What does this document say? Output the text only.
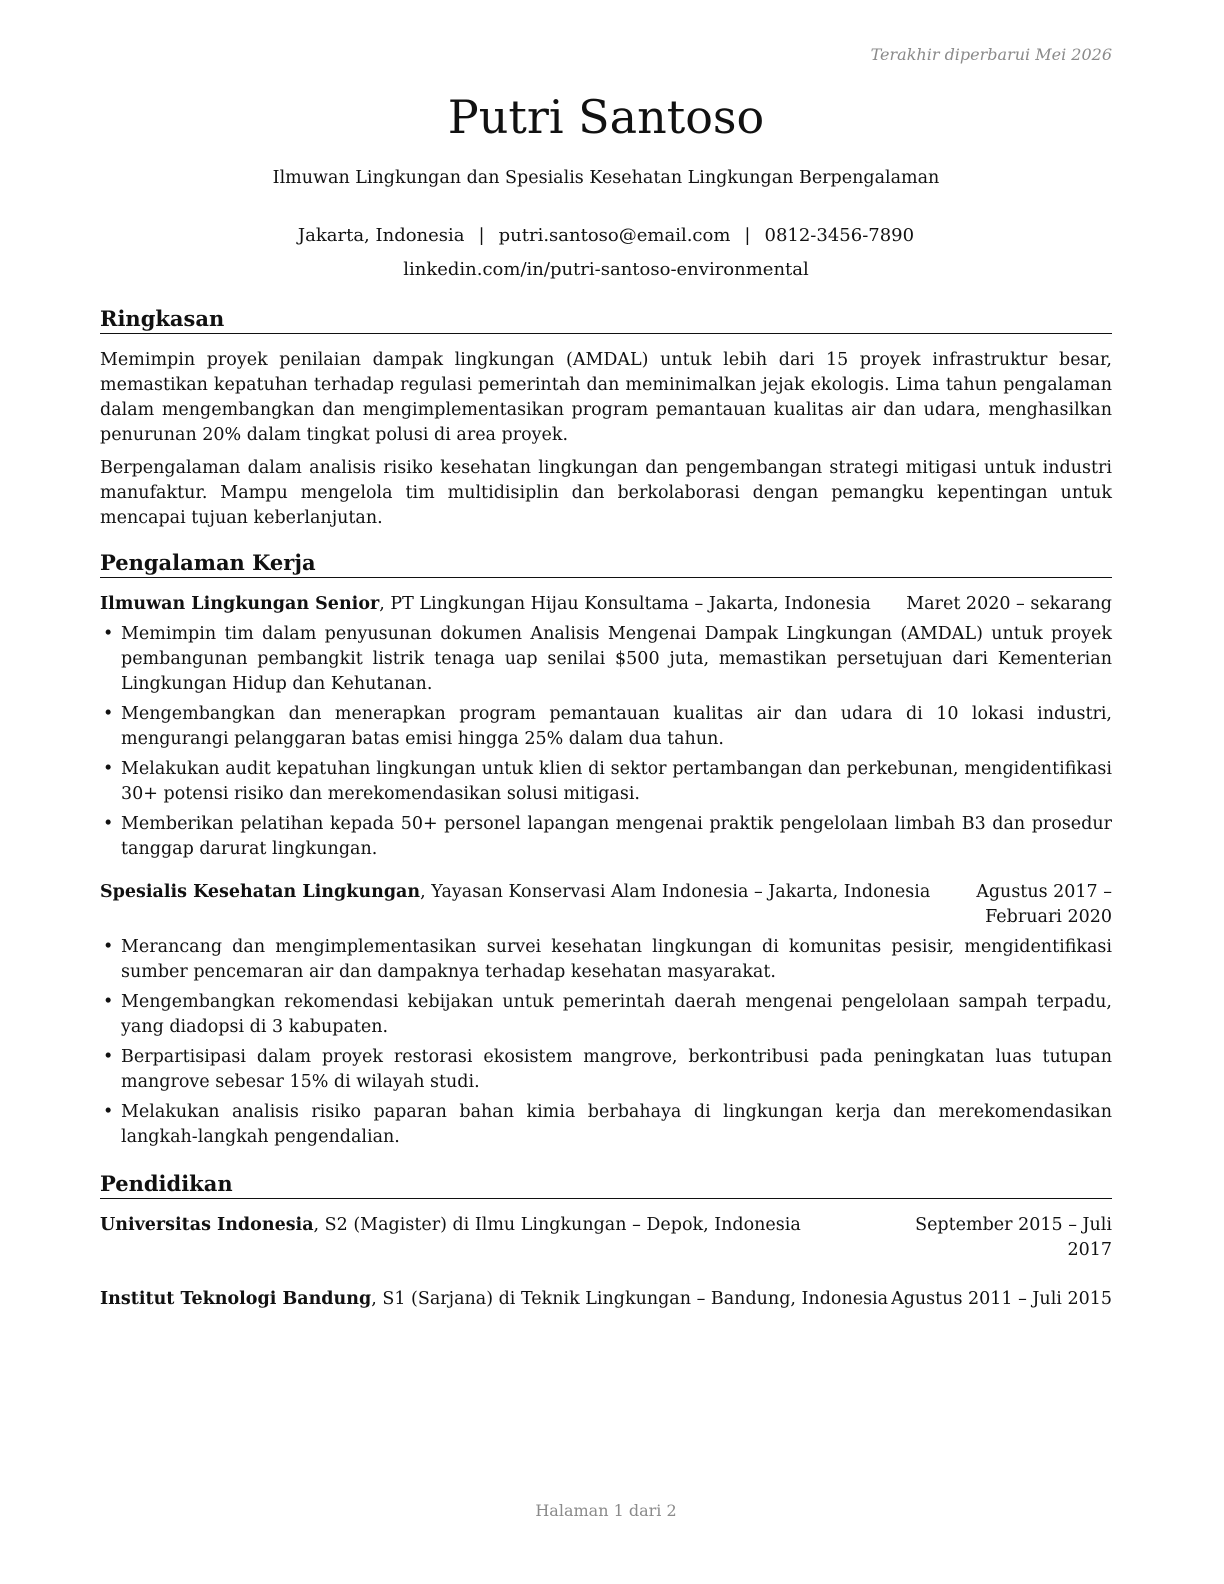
Terakhir diperbarui Mei 2026
Putri Santoso
Ilmuwan Lingkungan dan Spesialis Kesehatan Lingkungan Berpengalaman
Jakarta, Indonesia | putri.santoso@email.com | 0812-3456-7890
linkedin.com/in/putri-santoso-environmental
Ringkasan

Memimpin proyek penilaian dampak lingkungan (AMDAL) untuk lebih dari 15 proyek infrastruktur besar, memastikan kepatuhan terhadap regulasi pemerintah dan meminimalkan jejak ekologis. Lima tahun pengalaman dalam mengembangkan dan mengimplementasikan program pemantauan kualitas air dan udara, menghasilkan penurunan 20% dalam tingkat polusi di area proyek.

Berpengalaman dalam analisis risiko kesehatan lingkungan dan pengembangan strategi mitigasi untuk industri manufaktur. Mampu mengelola tim multidisiplin dan berkolaborasi dengan pemangku kepentingan untuk mencapai tujuan keberlanjutan.

Pengalaman Kerja
Ilmuwan Lingkungan Senior, PT Lingkungan Hijau Konsultama – Jakarta, Indonesia Maret 2020 – sekarang
• Memimpin tim dalam penyusunan dokumen Analisis Mengenai Dampak Lingkungan (AMDAL) untuk proyek pembangunan pembangkit listrik tenaga uap senilai $500 juta, memastikan persetujuan dari Kementerian Lingkungan Hidup dan Kehutanan.
• Mengembangkan dan menerapkan program pemantauan kualitas air dan udara di 10 lokasi industri, mengurangi pelanggaran batas emisi hingga 25% dalam dua tahun.
• Melakukan audit kepatuhan lingkungan untuk klien di sektor pertambangan dan perkebunan, mengidentifikasi 30+ potensi risiko dan merekomendasikan solusi mitigasi.
• Memberikan pelatihan kepada 50+ personel lapangan mengenai praktik pengelolaan limbah B3 dan prosedur tanggap darurat lingkungan.
Spesialis Kesehatan Lingkungan, Yayasan Konservasi Alam Indonesia – Jakarta, Indonesia	Agustus 2017 – Februari 2020
• Merancang dan mengimplementasikan survei kesehatan lingkungan di komunitas pesisir, mengidentifikasi sumber pencemaran air dan dampaknya terhadap kesehatan masyarakat.
• Mengembangkan rekomendasi kebijakan untuk pemerintah daerah mengenai pengelolaan sampah terpadu, yang diadopsi di 3 kabupaten.
• Berpartisipasi dalam proyek restorasi ekosistem mangrove, berkontribusi pada peningkatan luas tutupan mangrove sebesar 15% di wilayah studi.
• Melakukan analisis risiko paparan bahan kimia berbahaya di lingkungan kerja dan merekomendasikan langkah-langkah pengendalian.
Pendidikan
Universitas Indonesia, S2 (Magister) di Ilmu Lingkungan – Depok, Indonesia	September 2015 – Juli 2017
Institut Teknologi Bandung, S1 (Sarjana) di Teknik Lingkungan – Bandung, Indonesia Agustus 2011 – Juli 2015
Halaman 1 dari 2
